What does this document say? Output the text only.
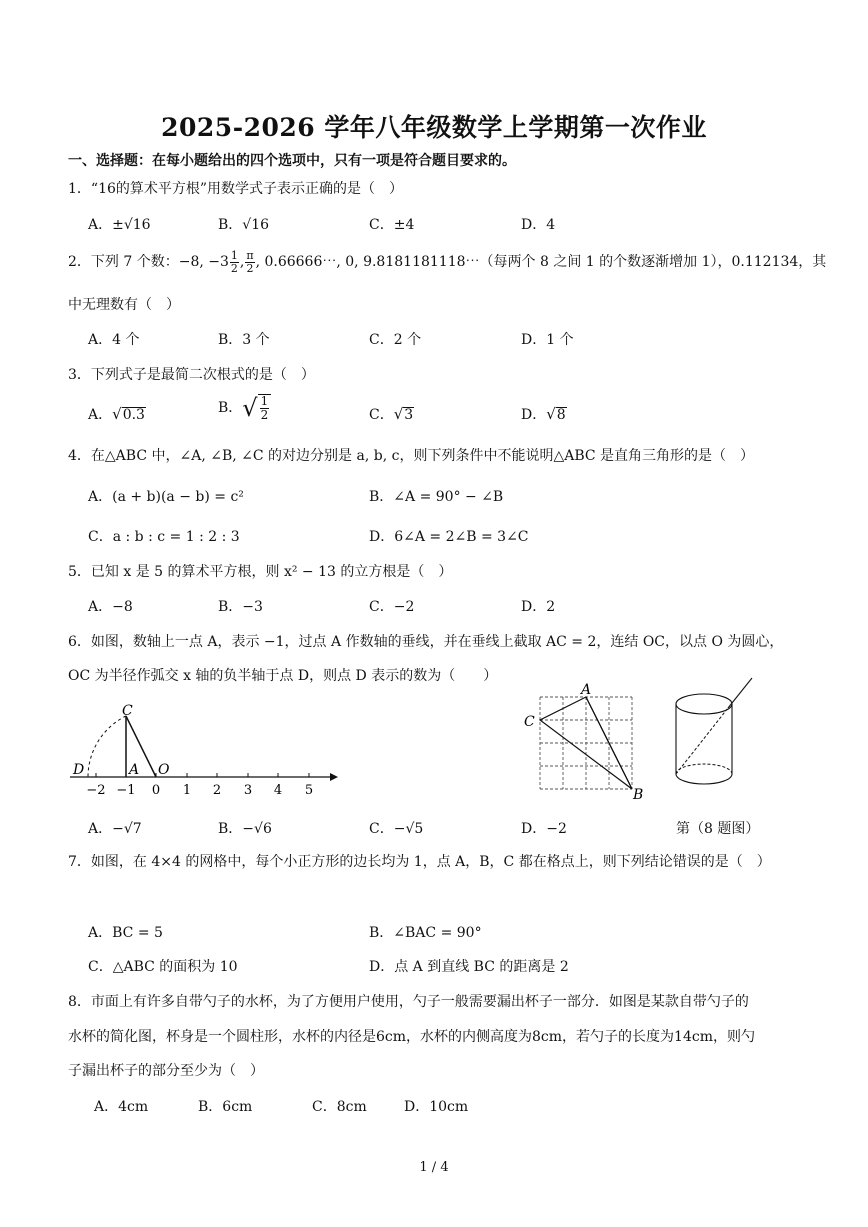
2025-2026 学年八年级数学上学期第一次作业
一、选择题：在每小题给出的四个选项中，只有一项是符合题目要求的。
1．“16的算术平方根”用数学式子表示正确的是（　）
A．±√16	B．√16	C．±4	D．4
2．下列 7 个数：−8, $-3 \frac{1}{2}$ , $\frac{\pi}{2}$ , 0.66666⋯, 0, 9.8181181118⋯（每两个 8 之间 1 的个数逐渐增加 1），0.112134，其
中无理数有（　）
A．4 个	B．3 个	C．2 个	D．1 个
3．下列式子是最简二次根式的是（　）
A．√0.3	B．√ $\frac{1}{2}$	C．√3	D．√8
4．在△ABC 中，∠A, ∠B, ∠C 的对边分别是 a, b, c，则下列条件中不能说明△ABC 是直角三角形的是（　）
A．(a + b)(a − b) = c²	B．∠A = 90° − ∠B
C．a : b : c = 1 : 2 : 3	D．6∠A = 2∠B = 3∠C
5．已知 x 是 5 的算术平方根，则 x² − 13 的立方根是（　）
A．−8	B．−3	C．−2	D．2
6．如图，数轴上一点 A，表示 −1，过点 A 作数轴的垂线，并在垂线上截取 AC = 2，连结 OC，以点 O 为圆心，
OC 为半径作弧交 x 轴的负半轴于点 D，则点 D 表示的数为（　　）
C
D	A O
−2 −1 0 1 2 3 4 5
A
C
B
A．−√7	B．−√6	C．−√5	D．−2	第（8 题图）
7．如图，在 4×4 的网格中，每个小正方形的边长均为 1，点 A，B，C 都在格点上，则下列结论错误的是（　）
A．BC = 5	B．∠BAC = 90°
C．△ABC 的面积为 10	D．点 A 到直线 BC 的距离是 2
8．市面上有许多自带勺子的水杯，为了方便用户使用，勺子一般需要漏出杯子一部分．如图是某款自带勺子的
水杯的简化图，杯身是一个圆柱形，水杯的内径是6cm，水杯的内侧高度为8cm，若勺子的长度为14cm，则勺
子漏出杯子的部分至少为（　）
A．4cm	B．6cm	C．8cm	D．10cm
1 / 4
